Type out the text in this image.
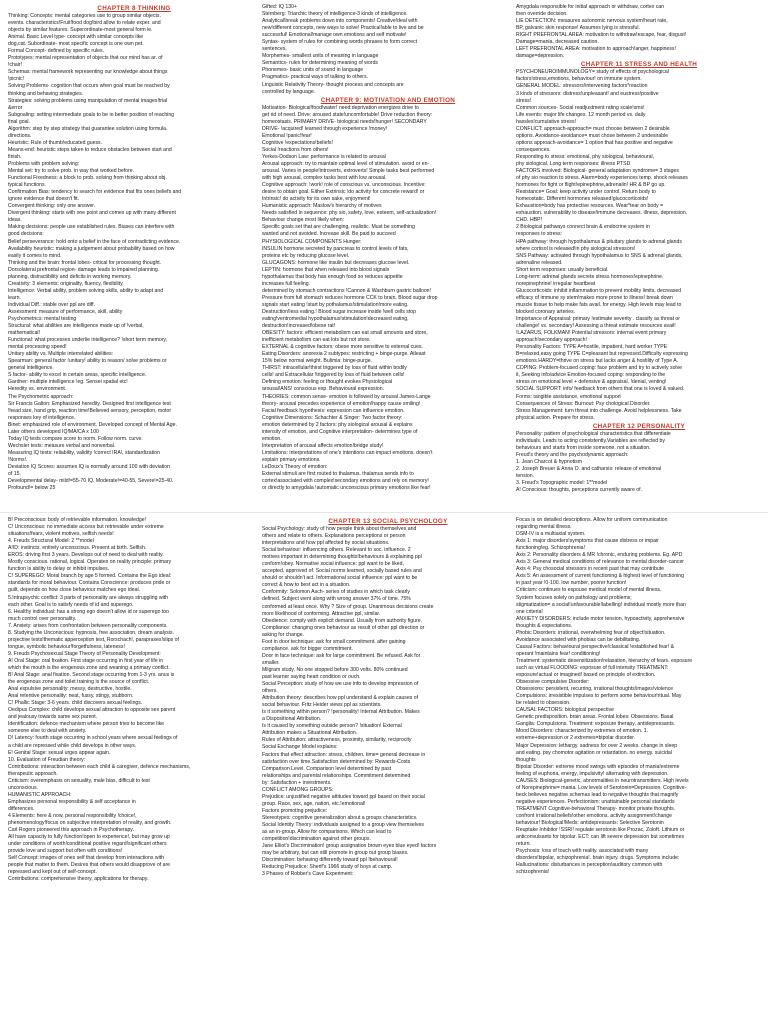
CHAPTER 8 THINKING
Thinking: Concepts: mental categories use to group similar objects.
events. characteristics!Fruit!food dog!bird allow to relate exper. and
objects by similar features. Superordinate-most general form ie.
Animal. Basic Level type- concept with similar concepts like
dog,cat. Subordinate- most specific concept is one own pet.
Formal Concept- defined by specific rules.
Prototypes: mental representation of objects that our mind has ar. of
!chair!
Schemas: mental framework representing our knowledge about things
!picnic!
Solving Problems- cognition that occurs when goal must be reached by
thinking and behaving strategies.
Strategies: solving problems using manipulation of mental images!trial
&error
Subgoaling: setting intermediate goals to be in better position of reaching
final goal.
Algorithm: step by step strategy that guarantee solution using formula.
directions.
Heuristic: Rule of thumb!educated guess.
Means-end: heuristic steps taken to reduce obstacles between start and
finish.
Problems with problem solving:
Mental set: try to solve prob. in way that worked before.
Functional Fixedness: a block to prob. solving from thinking about obj.
typical functions.
Confirmation Bias: tendency to search for evidence that fits ones beliefs and
ignore evidence that doesn't fit.
Convergent thinking: only one answer.
Divergent thinking: starts with one point and comes up with many different
ideas.
Making decisions: people use established rules. Biases can interfere with
good decisions:
Belief perseverance: hold onto a belief in the face of contradicting evidence.
Availability heuristic: making a judgement about probability based on how
easily it comes to mind.
Thinking and the brain: frontal lobes- critical for processing thought.
Dorsolateral prefrontal region- damage leads to impaired planning.
planning, distractibility and deficits in working memory.
Creativity: 3 elements: originality, fluency, flexibility.
Intelligence: Verbal ability, problem solving skills, ability to adapt and
learn.
Individual Diff.: stable over ppl are diff.
Assessment: measure of performance, skill, ability
Psychometrics: mental testing
Structural: what abilities are intelligence made up of !verbal,
mathematical!
Functional: what processes underlie intelligence? !short term memory,
mental processing speed!
Unitary ability vs. Multiple interrelated abilities:
Spearman: general factor !unitary! ability to reason/ solve problems or
general intelligence.
S factor- ability to excel in certain areas, specific intelligence.
Gardner: multiple intelligence !eg. Sensei spatial etc!
Heredity vs. environment.
The Psychometric approach:
Sir Francis Galton: Emphasized heredity. Designed first intelligence test
!head size, hand grip, reaction time!Believed sensory, perception, motor
responses key of intelligence.
Binet: emphasized role of environment. Developed concept of Mental Age.
Later others developed IQ!MA/CA x 100
Today IQ tests compare score to norm. Follow norm. curve.
Wechsler tests: measure verbal and nonverbal.
Measuring IQ tests: reliability, validity !correct IRA!, standardization
!Norms!.
Deviation IQ Scores: assumes IQ is normally around 100 with deviation
of 15.
Developmental delay- mild!=55-70 IQ. Moderate!=40-55, Severe!=25-40.
Profound!= below 25
Gifted: IQ 130+
Sternberg: Triarchic theory of intelligence-3 kinds of intelligence.
Analytical!break problems down into components! Creative!deal with
new!different concepts, new ways to solve! Practical!able to live and be
successful! Emotional!manage own emotions and self motivate!
Syntax- system of rules for combining words phrases to form correct
sentences.
Morphemes- smallest units of meaning in language
Semantics- rules for determining meaning of words
Phonemes- basic units of sound in language
Pragmatics- practical ways of talking to others.
Linguistic Relativity Theory- thought process and concepts are
controlled by language.
CHAPTER 9: MOTIVATION AND EMOTION
Motivation- Biological!food!water! need:deprivation energizes drive to
get rid of need. Drive: aroused state!uncomfortable! Drive reduction theory:
homeostasis. PRIMARY DRIVE- biological needs!hunger! SECONDARY
DRIVE- !acquired! learned through experience !money!
Emotional !panic!fear!
Cognitive !expectations!beliefs!
Social !reactions from others!
Yerkes-Dodson Law: performance is related to arousal
Arousal approach: try to maintain optimal level of stimulation. avoid or en-
arousal. Varies in people!introverts, extroverts! Simple tasks best performed
with high arousal, complex tasks best with low arousal.
Cognitive approach: !work! role of conscious vs. unconscious. Incentive:
desire to obtain goal. Either Extrinsic !do activity for concrete reward! or
Intrinsic! do activity for its own sake, enjoyment!
Humanistic approach: Maslow's hierarchy of motives
Needs satisfied in sequence: phy sio, safety, love, esteem, self-actualization!
Behaviour change most likely when:
Specific goals set that are challenging, realistic. Must be something
wanted and not avoided. Increase skill. Be paid to succeed
PHYSIOLOGICAL COMPONENTS Hunger:
INSULIN hormone secreted by pancreas to control levels of fats,
proteins etc by reducing glucose level.
GLUCAGONS: hormone like insulin but decreases glucose level.
LEPTIN: hormone that when released into blood signals
hypothalamus that body has enough food so reduces appetite
increases full feeling.
determined by stomach contractions !Cannon & Washburn gastric balloon!
Pressure from full stomach reduces hormone CCK to brain. Blood sugar drop
signals start eating !start by pothalamus!stimulation!more eating.
Destruction!less eating.! Blood sugar increase inside !well cells stop
eating!ventromedial hypothalamus!stimulation!decreased eating,
destruction!increased!obese rat!
OBESITY: factors: efficient metabolism can eat small amounts and store,
inefficient metabolism can eat lots but not store.
EXTERNAL & cognitive factors: obese more sensitive to external cues.
Eating Disorders: anorexia 2 subtypes: restricting + binge-purge. Atleast
15% below normal weight. Bulimia: binge-purge.
THIRST: intracellular!thirst triggered by loss of fluid within bodily
cells! and Extracellular !triggered by loss of fluid between cells!
Defining emotion: feeling or thought evokes Physiological
arousal!ANS! conscious exp. Behavioural expression.
THEORIES: common sense- emotion is followed by arousal James-Lange
theory- arousal precedes experience of emotion!happy cause smiling!
Facial feedback hypothesis: expression can influence emotion.
Cognitive Dimensions: Schachter & Singer: Two factor theory:
emotion determined by 2 factors: phy siological arousal & explains
intensity of emotion, and Cognitive interpretation- determines type of
emotion.
Interpretation of arousal affects emotion!bridge study!
Limitations: interpretations of one's intentions can impact emotions. doesn't
explain primary emotions.
LeDoux's Theory of emotion:
External stimuli are first routed to thalamus. thalamus sends info to
cortex!associated with complex!secondary emotions and rely on memory!
or directly to amygdala !automatic unconscious primary emotions like fear!
Amygdala responsible for initial approach or withdraw, cortex can
then override decision.
LIE DETECTION: measures autonomic nervous system!heart rate,
BP, galvanic skin response! Assumes lying is stressful.
RIGHT PREFRONTAL AREA: motivation to withdraw!escape, fear, disgust!
Damage=mania, decreased caution.
LEFT PREFRONTAL AREA: motivation to approach!anger, happiness!
damage=depression.
CHAPTER 11 STRESS AND HEALTH
PSYCHONEUROIMMUNOLOGY= study of effects of psychological
factors!stress,emotions, behaviour! on immune system.
GENERAL MODEL: stressors!intervening factors*reaction
3 kinds of stressors: distress!unpleasant! and eustress!positive
stress!
Common sources- Social readjustment rating scale!sms!
Life events: major life changes. 12 month period vs. daily
hassles!cumulative stress!
CONFLICT: approach-approach= must choose between 2 desirable
options. Avoidance-avoidance= must chose between 2 undesirable
options approach-avoidance= 1 option that has positive and negative
consequences.
Responding to stress: emotional, phy siological, behavioural,
phy siological. Long term responses: illness PTSD
FACTORS involved: Biological- general adaptation syndrome= 3 stages
of phy sio reaction to stress. Alarm=body experiences temp. shock releases
hormones for fight or flight!epinephrine,adrenalin! HR & BP go up.
Resistance= Goal: keep activity under control. Return body to
homeostatic. Different hormones released!glucocorticoids!
Exhaustion=body has protective resources. Wear*tear on body =
exhaustion. vulnerability to disease!immune decreases. illness, depression.
CHD. HBP!
2 Biological pathways connect brain & endocrine system in
responses to stress:
HPA pathway: through hypothalamus & pituitary glands to adrenal glands
where cortisol is released!in phy siological stressors!
SNS Pathway: activated through hypothalamus to SNS & adrenal glands,
adrenaline released.
Short term responses: usually beneficial.
Long-term: adrenal glands secrete stress hormones!epinephrine.
norepinephrine! irregular heartbeat
Glucocorticoids: inhibit inflammation to prevent mobility limits. decreased
efficacy of immune sy stem!makes more prone to illness! break down
muscle tissue to help make fats avail. for energy. High levels may lead to
blocked coronary arteries.
Importance of Appraisal: primary !estimate severity . classify as threat or
challenge! vs. secondary! Assessing a threat estimate resources avail!
!LAZARUS, FOLKMAN! Potential stressors: internal event primary
approach!secondary approach!
Personality Factors: TYPE A=hostile, impatient, hard worker TYPE
B=relaxed,easy going TYPE C=pleasant but repressed.Difficulty expressing
emotions.HARDY=thrive on stress but lacks anger & hostility of Type A.
COPING: Problem-focused coping: face problem and try to actively solve
it, Seeking info/advice Emotion-focused coping: responding to the
stress on emotional level + defensive & appraisal. !denial, venting!
SOCIAL SUPPORT: info/ feedback from others that one is loved & valued.
Forms: tangible assistance, emotional support
Consequences of Stress: Burnout: Psy chological Disorder.
Stress Management: turn threat into challenge. Avoid helplessness. Take
physical action. Prepare for stress.
CHAPTER 12 PERSONALITY
Personality: pattern of psychological characteristics that differentiate
individuals. Leads to acting consistently.Variables are reflected by
behaviours and starts from inside someone. not a situation.
Freud's theory and the psychodynamic approach:
1. Jean Charcot & hypnotism
2. Joseph Breuer & Anna O. and catharsis: release of emotional
tension.
3. Freud's Topographic model: 1**model
A! Conscious: thoughts, perceptions currently aware of.
B! Preconscious: body of retrievable information. knowledge!
C! Unconscious: no immediate access but retrievable under extreme
situations!fears, violent motives, selfish needs!
4. Freuds Structural Model: 2 **model
A!ID: instincts. entirely unconscious. Present at birth. Selfish.
EROS: driving first 3 years. Develops out of need to deal with reality.
Mostly conscious. rational, logical. Operates on reality principle: primary
function is ability to delay or inhibit impulses.
C! SUPEREGO: Moral branch by age 5 formed. Contains the Ego ideal:
standards for moral behaviour. Contains Conscience: produces pride or
guilt, depends on how close behaviour matches ego ideal.
5.Intrapsychic conflict: 3 parts of personality are always struggling with
each other. Goal is to satisfy needs of id and superego.
6. Healthy individual: has a strong ego doesn't allow id or superego too
much control over personality.
7. Anxiety: arises from confrontation between personality components.
8. Studying the Unconscious: hypnosis, free association, dream analysis.
projective tests!thematic apperception test, Rorschach!, parapraxes!slips of
tongue, symbolic behaviour!forgetfulness, lateness!
9. Freuds Psychosexual Stage Theory of Personality Development:
A! Oral Stage: oral fixation. First stage occurring in first year of life in
which the mouth is the erogenous zone and weaning a primary conflict.
B! Anal Stage: anal fixation. Second stage occurring from 1-3 yrs. anus is
the erogenous zone and toilet training is the source of conflict.
Anal expulsive personality: messy, destructive, hostile.
Anal retentive personality: neat, fussy, stingy, stubborn.
C! Phallic Stage: 3-6 years. child discovers sexual feelings.
Oedipus Complex: child develops sexual attraction to opposite sex parent
and jealousy towards same sex parent.
Identification: defence mechanism where person tries to become like
someone else to deal with anxiety.
D! Latency: fourth stage occurring in school years where sexual feelings of
a child are repressed while child develops in other ways.
E! Genital Stage: sexual urges appear again.
10. Evaluation of Freudian theory:
Contributions: interaction between each child & caregiver, defence mechanisms,
therapeutic approach.
Criticism: overemphasis on sexuality, male bias, difficult to test
unconscious.
HUMANISTIC APPROACH:
Emphasizes personal responsibility & self acceptance in
differences.
4 Elements: here & now, personal responsibility !choice!,
phenomenology!focus on subjective interpretation of reality, and growth.
Carl Rogers pioneered this approach in Psychotherapy.
All have capacity to fully function!open to experience!, but may grow up
under conditions of worth!conditional positive regard!significant others
provide love and support but often with conditions!
Self Concept: images of ones self that develop from interactions with
people that matter to them. Desires that others would disapprove of are
repressed and kept out of self-concept.
Contributions: comprehensive theory, applications for therapy.
CHAPTER 13 SOCIAL PSYCHOLOGY
Social Psychology: study of how people think about themselves and
others and relate to others. Explanations perceptions or person
interpretations and how ppl affected by social situations.
Social behaviour: influencing others. Relevant to soc. influence. 2
motives important in determining thoughts!behaviours & explaining ppl
conform!obey. Normative social influence: ppl want to be liked,
accepted, approved of. Social norms learned, socially based rules and
should or shouldn't act. Informational social influence: ppl want to be
correct & how to best act in a situation.
Conformity: Solomon Asch- series of studies in which task clearly
defined. Subject went along with wrong answer 37% of time. 75%
conformed at least once. Why ? Size of group. Unanimous decisions create
more likelihood of conforming. Attractive ppl, similar.
Obedience: comply with explicit demand. Usually from authority figure.
Compliance: changing ones behaviour as result of other ppl direction or
asking for change.
Foot in door technique: ask for small commitment. after gaining
compliance. ask for bigger commitment.
Door in face technique: ask for large commitment. Be refused. Ask for
smaller.
Milgram study. No one stopped before 300 volts. 80% continued
past learner saying heart condition or ouch.
Social Perception: study of how we use info to develop impression of
others.
Attribution theory: describes how ppl understand & explain causes of
social behaviour. Fritz Heider views ppl as scientists.
Is it something within person? !personality! Internal Attribution. Makes
a Dispositional Attribution.
Is it caused by something outside person? !situation! External
Attribution makes a Situational Attribution.
Rules of Attribution: attractiveness, proximity, similarity, reciprocity
Social Exchange Model explains:
Factors that effect attraction: stress, children. time= general decrease in
satisfaction over time.Satisfaction determined by: Rewards-Costs
Comparison Level. Comparison level determined by past
relationships and parental relationships. Commitment determined
by: Satisfaction + investments.
CONFLICT AMONG GROUPS:
Prejudice: unjustified negative attitudes toward ppl based on their social
group. Race, sex, age, nation, etc.!emotional!
Factors promoting prejudice:
Stereotypes: cognitive generalization about a groups characteristics.
Social Identity Theory: individuals assigned to a group view themselves
as an in-group. Allow for comparisons. Which can lead to
competition!discrimination against other groups.
Jane Elliot's Discrimination! group assignation brown eyes blue eyed! factors
may be arbitrary, but can still promote in group out group biases.
Discrimination: behaving differently toward ppl !behavioural!
Reducing Prejudice: Sherif's 1966 study of boys at camp.
3 Phases of Robber's Cave Experiment:
Focus is on detailed descriptions. Allow for uniform communication
regarding mental illness.
DSM-IV is a multiaxial system.
Axis 1: major disorders!symptoms that cause distress or impair
functioning!eg. Schizophrenia!
Axis 2: Personality disorders & MR !chronic, enduring problems. Eg. APD
Axis 3: General medical conditions of relevance to mental disorder-cancer
Axis 4: Psy chosocial stressors in recent past that may contribute
Axis 5: An assessment of current functioning & highest level of functioning
in past year !0-100. low number, poorer function!
Criticism: continues to espouse medical model of mental illness.
System focuses solely on pathology and problems;
stigmatization= a social!unfavourable!labelling! individual mostly more than
one criteria!
ANXIETY DISORDERS: include motor tension, hypoactivity, apprehensive
thoughts & expectations.
Phobic Disorders: irrational, overwhelming fear of object!situation.
Avoidance associated with phobias can be debilitating.
Causal Factors: behavioural perspective!classical !established fear! &
operant !maintains fear! conditioning!
Treatment: systematic desensitization!relaxation, hierarchy of fears. exposure
such as virtual FLOODING: exposure of full intensity TREATMENT:
exposure!actual or imagined! based on principle of extinction.
Obsessive compulsive Disorder:
Obsessions: persistent, recurring, irrational thoughts!images!violence
Compulsions: irresistible impulses to perform some behaviour!ritual. May
be related to obsession.
CAUSAL FACTORS: biological perspective
Genetic predisposition. brain areas. Frontal lobes: Obsessions. Basal
Ganglia: Compulsions. Treatment: exposure therapy, antidepressants.
Mood Disorders: characterized by extremes of emotion. 1.
extreme+depression or 2 extremes=bipolar disorder.
Major Depression: lethargy. sadness for over 2 weeks. change in sleep
and eating. psy chomotor agitation or retardation. no energy. suicidal
thoughts
Bipolar Disorder: extreme mood swings with episodes of mania!extreme
feeling of euphoria, energy, impulsivity! alternating with depression.
CAUSES: Biological-genetic, abnormalities in neurotransmitters. High levels
of Norepinephrine= mania. Low levels of Serotonin=Depression. Cognitive-
beck believes negative schemas lead to negative thoughts that magnify
negative experiences. Perfectionism: unattainable personal standards
TREATMENT Cognitive-behavioral Therapy- monitor private thoughts.
confront irrational beliefs!other emotions. activity assignment!change
behaviour! Biological!Meds: antidepressants: Selective Serotonin
Reuptake Inhibitor !SSRI! regulate serotonin like Prozac, Zoloft. Lithium or
anticonvulsants for bipolar. ECT: can lift severe depression but sometimes
return.
Psychosis: loss of touch with reality. associated with many
disorders!bipolar, schizophrenia!. brain injury. drugs. Symptoms include:
Hallucinations: disturbances in perception!auditory common with
schizophrenia!
